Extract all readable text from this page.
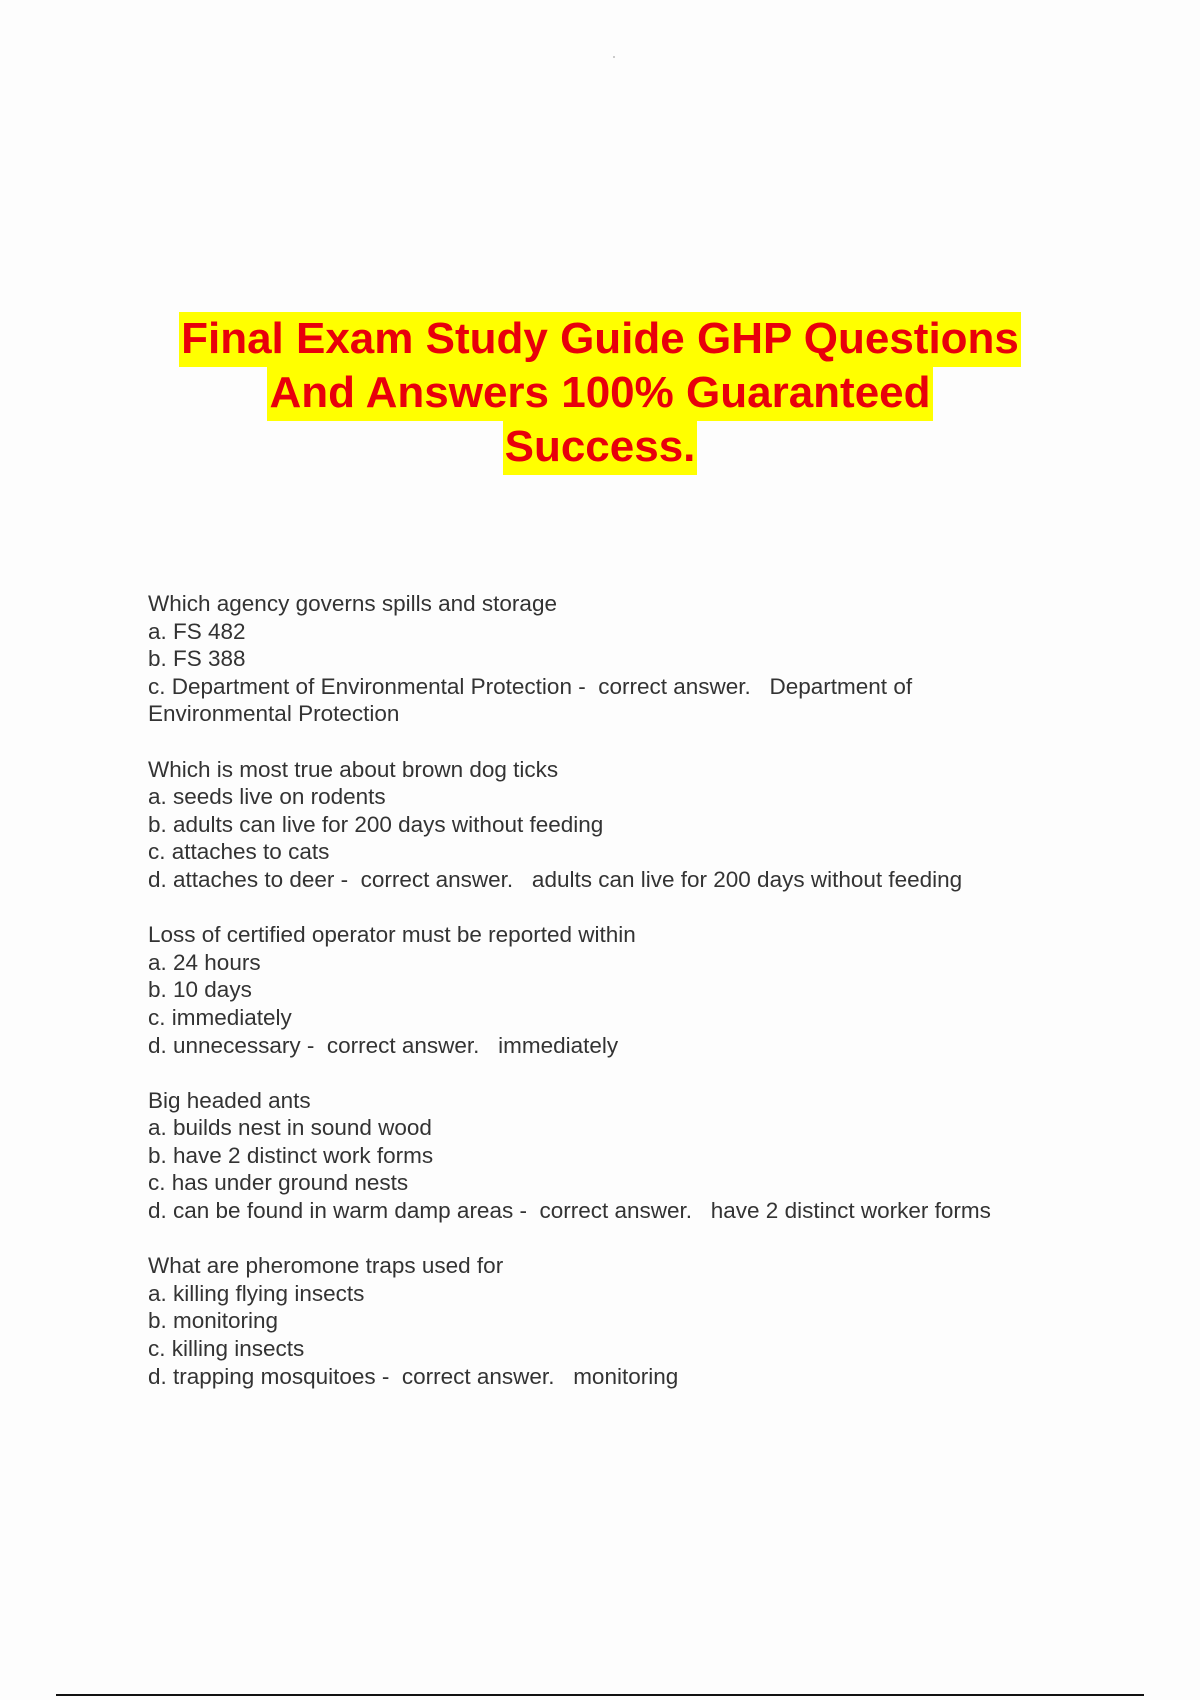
Final Exam Study Guide GHP Questions
And Answers 100% Guaranteed
Success.
Which agency governs spills and storage
a. FS 482
b. FS 388
c. Department of Environmental Protection -  correct answer.   Department of
Environmental Protection
Which is most true about brown dog ticks
a. seeds live on rodents
b. adults can live for 200 days without feeding
c. attaches to cats
d. attaches to deer -  correct answer.   adults can live for 200 days without feeding
Loss of certified operator must be reported within
a. 24 hours
b. 10 days
c. immediately
d. unnecessary -  correct answer.   immediately
Big headed ants
a. builds nest in sound wood
b. have 2 distinct work forms
c. has under ground nests
d. can be found in warm damp areas -  correct answer.   have 2 distinct worker forms
What are pheromone traps used for
a. killing flying insects
b. monitoring
c. killing insects
d. trapping mosquitoes -  correct answer.   monitoring
